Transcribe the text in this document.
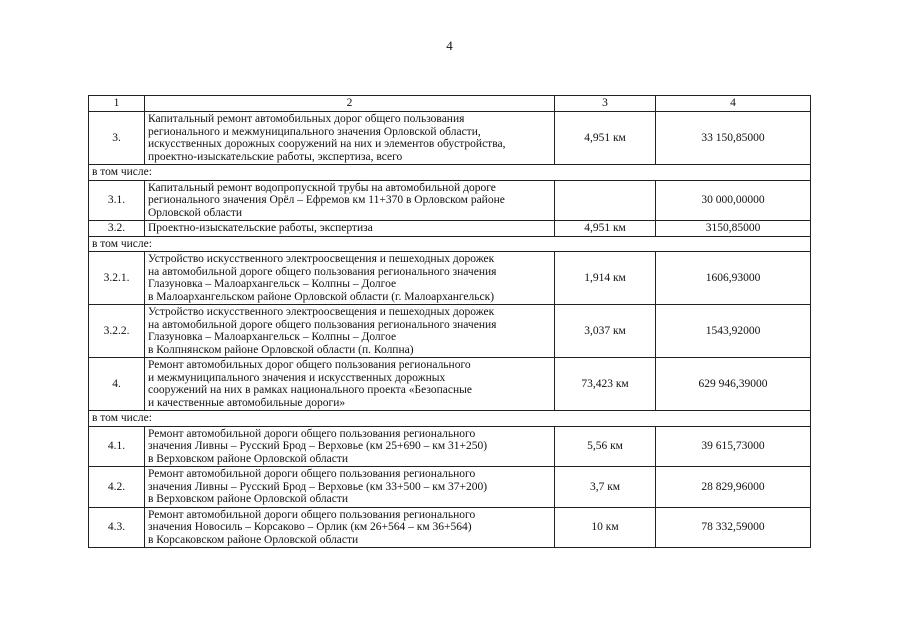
4
1	2	3	4
3.	Капитальный ремонт автомобильных дорог общего пользования
регионального и межмуниципального значения Орловской области,
искусственных дорожных сооружений на них и элементов обустройства,
проектно-изыскательские работы, экспертиза, всего	4,951 км	33 150,85000
в том числе:			
3.1.	Капитальный ремонт водопропускной трубы на автомобильной дороге
регионального значения Орёл – Ефремов км 11+370 в Орловском районе
Орловской области		30 000,00000
3.2.	Проектно-изыскательские работы, экспертиза	4,951 км	3150,85000
в том числе:			
3.2.1.	Устройство искусственного электроосвещения и пешеходных дорожек
на автомобильной дороге общего пользования регионального значения
Глазуновка – Малоархангельск – Колпны – Долгое
в Малоархангельском районе Орловской области (г. Малоархангельск)	1,914 км	1606,93000
3.2.2.	Устройство искусственного электроосвещения и пешеходных дорожек
на автомобильной дороге общего пользования регионального значения
Глазуновка – Малоархангельск – Колпны – Долгое
в Колпнянском районе Орловской области (п. Колпна)	3,037 км	1543,92000
4.	Ремонт автомобильных дорог общего пользования регионального
и межмуниципального значения и искусственных дорожных
сооружений на них в рамках национального проекта «Безопасные
и качественные автомобильные дороги»	73,423 км	629 946,39000
в том числе:			
4.1.	Ремонт автомобильной дороги общего пользования регионального
значения Ливны – Русский Брод – Верховье (км 25+690 – км 31+250)
в Верховском районе Орловской области	5,56 км	39 615,73000
4.2.	Ремонт автомобильной дороги общего пользования регионального
значения Ливны – Русский Брод – Верховье (км 33+500 – км 37+200)
в Верховском районе Орловской области	3,7 км	28 829,96000
4.3.	Ремонт автомобильной дороги общего пользования регионального
значения Новосиль – Корсаково – Орлик (км 26+564 – км 36+564)
в Корсаковском районе Орловской области	10 км	78 332,59000
